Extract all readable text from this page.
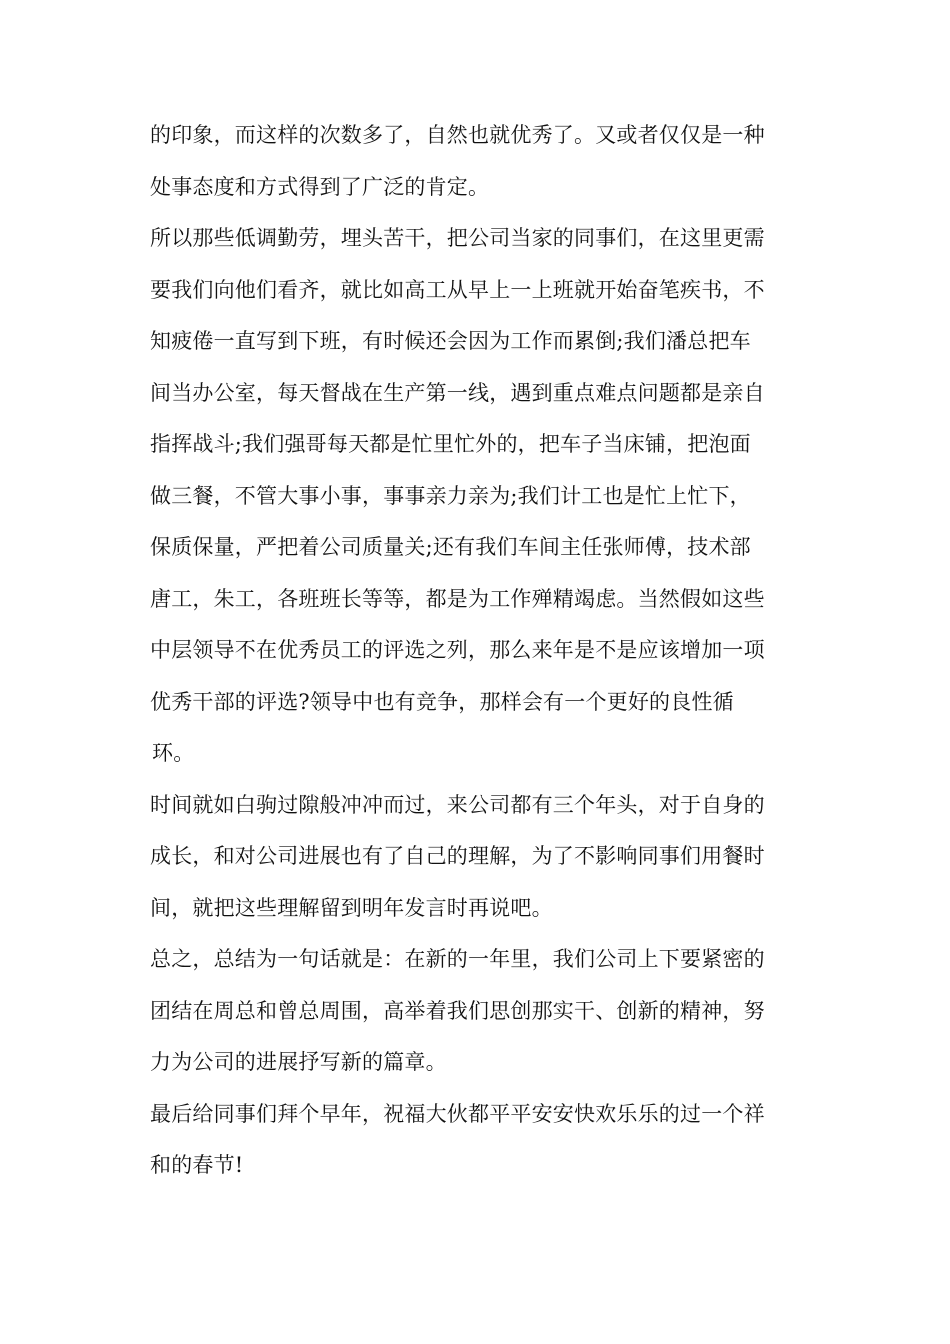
的印象，而这样的次数多了，自然也就优秀了。又或者仅仅是一种
处事态度和方式得到了广泛的肯定。
所以那些低调勤劳，埋头苦干，把公司当家的同事们，在这里更需
要我们向他们看齐，就比如高工从早上一上班就开始奋笔疾书，不
知疲倦一直写到下班，有时候还会因为工作而累倒;我们潘总把车
间当办公室，每天督战在生产第一线，遇到重点难点问题都是亲自
指挥战斗;我们强哥每天都是忙里忙外的，把车子当床铺，把泡面
做三餐，不管大事小事，事事亲力亲为;我们计工也是忙上忙下，
保质保量，严把着公司质量关;还有我们车间主任张师傅，技术部
唐工，朱工，各班班长等等，都是为工作殚精竭虑。当然假如这些
中层领导不在优秀员工的评选之列，那么来年是不是应该增加一项
优秀干部的评选?领导中也有竞争，那样会有一个更好的良性循
环。
时间就如白驹过隙般冲冲而过，来公司都有三个年头，对于自身的
成长，和对公司进展也有了自己的理解，为了不影响同事们用餐时
间，就把这些理解留到明年发言时再说吧。
总之，总结为一句话就是：在新的一年里，我们公司上下要紧密的
团结在周总和曾总周围，高举着我们思创那实干、创新的精神，努
力为公司的进展抒写新的篇章。
最后给同事们拜个早年，祝福大伙都平平安安快欢乐乐的过一个祥
和的春节!
